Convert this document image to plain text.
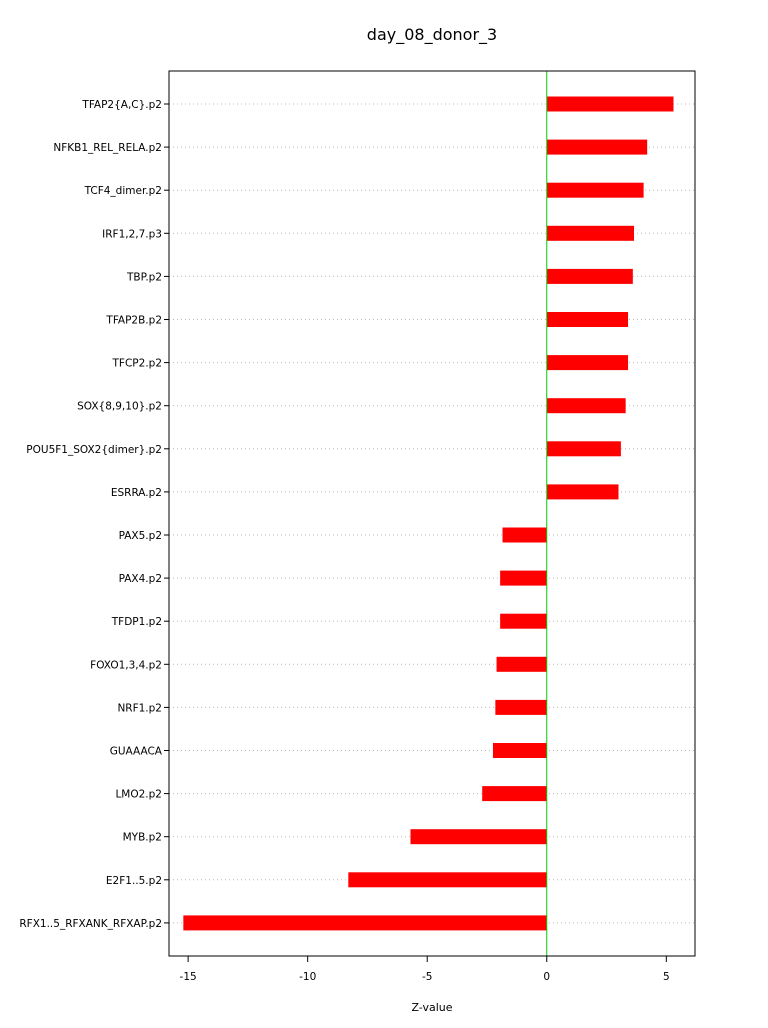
day_08_donor_3
TFAP2{A,C}.p2
NFKB1_REL_RELA.p2
TCF4_dimer.p2
IRF1,2,7.p3
TBP.p2
TFAP2B.p2
TFCP2.p2
SOX{8,9,10}.p2
POU5F1_SOX2{dimer}.p2
ESRRA.p2
PAX5.p2
PAX4.p2
TFDP1.p2
FOXO1,3,4.p2
NRF1.p2
GUAAACA
LMO2.p2
MYB.p2
E2F1..5.p2
RFX1..5_RFXANK_RFXAP.p2
-15	-10	-5	0	5
Z-value
